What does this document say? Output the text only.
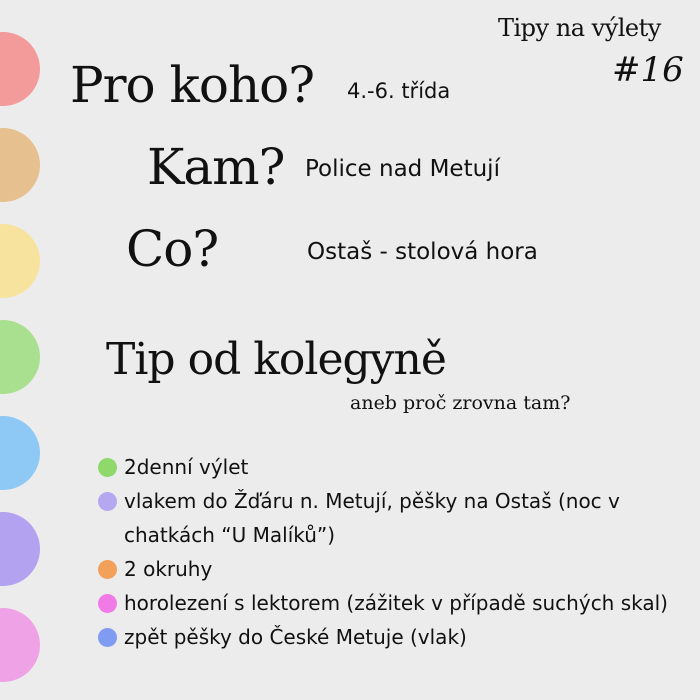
Tipy na výlety
#16
Pro koho? 4.-6. třída
Kam? Police nad Metují
Co?	Ostaš - stolová hora
Tip od kolegyně
aneb proč zrovna tam?
2denní výlet
vlakem do Žďáru n. Metují, pěšky na Ostaš (noc v chatkách “U Malíků”)
2 okruhy
horolezení s lektorem (zážitek v případě suchých skal)
zpět pěšky do České Metuje (vlak)
